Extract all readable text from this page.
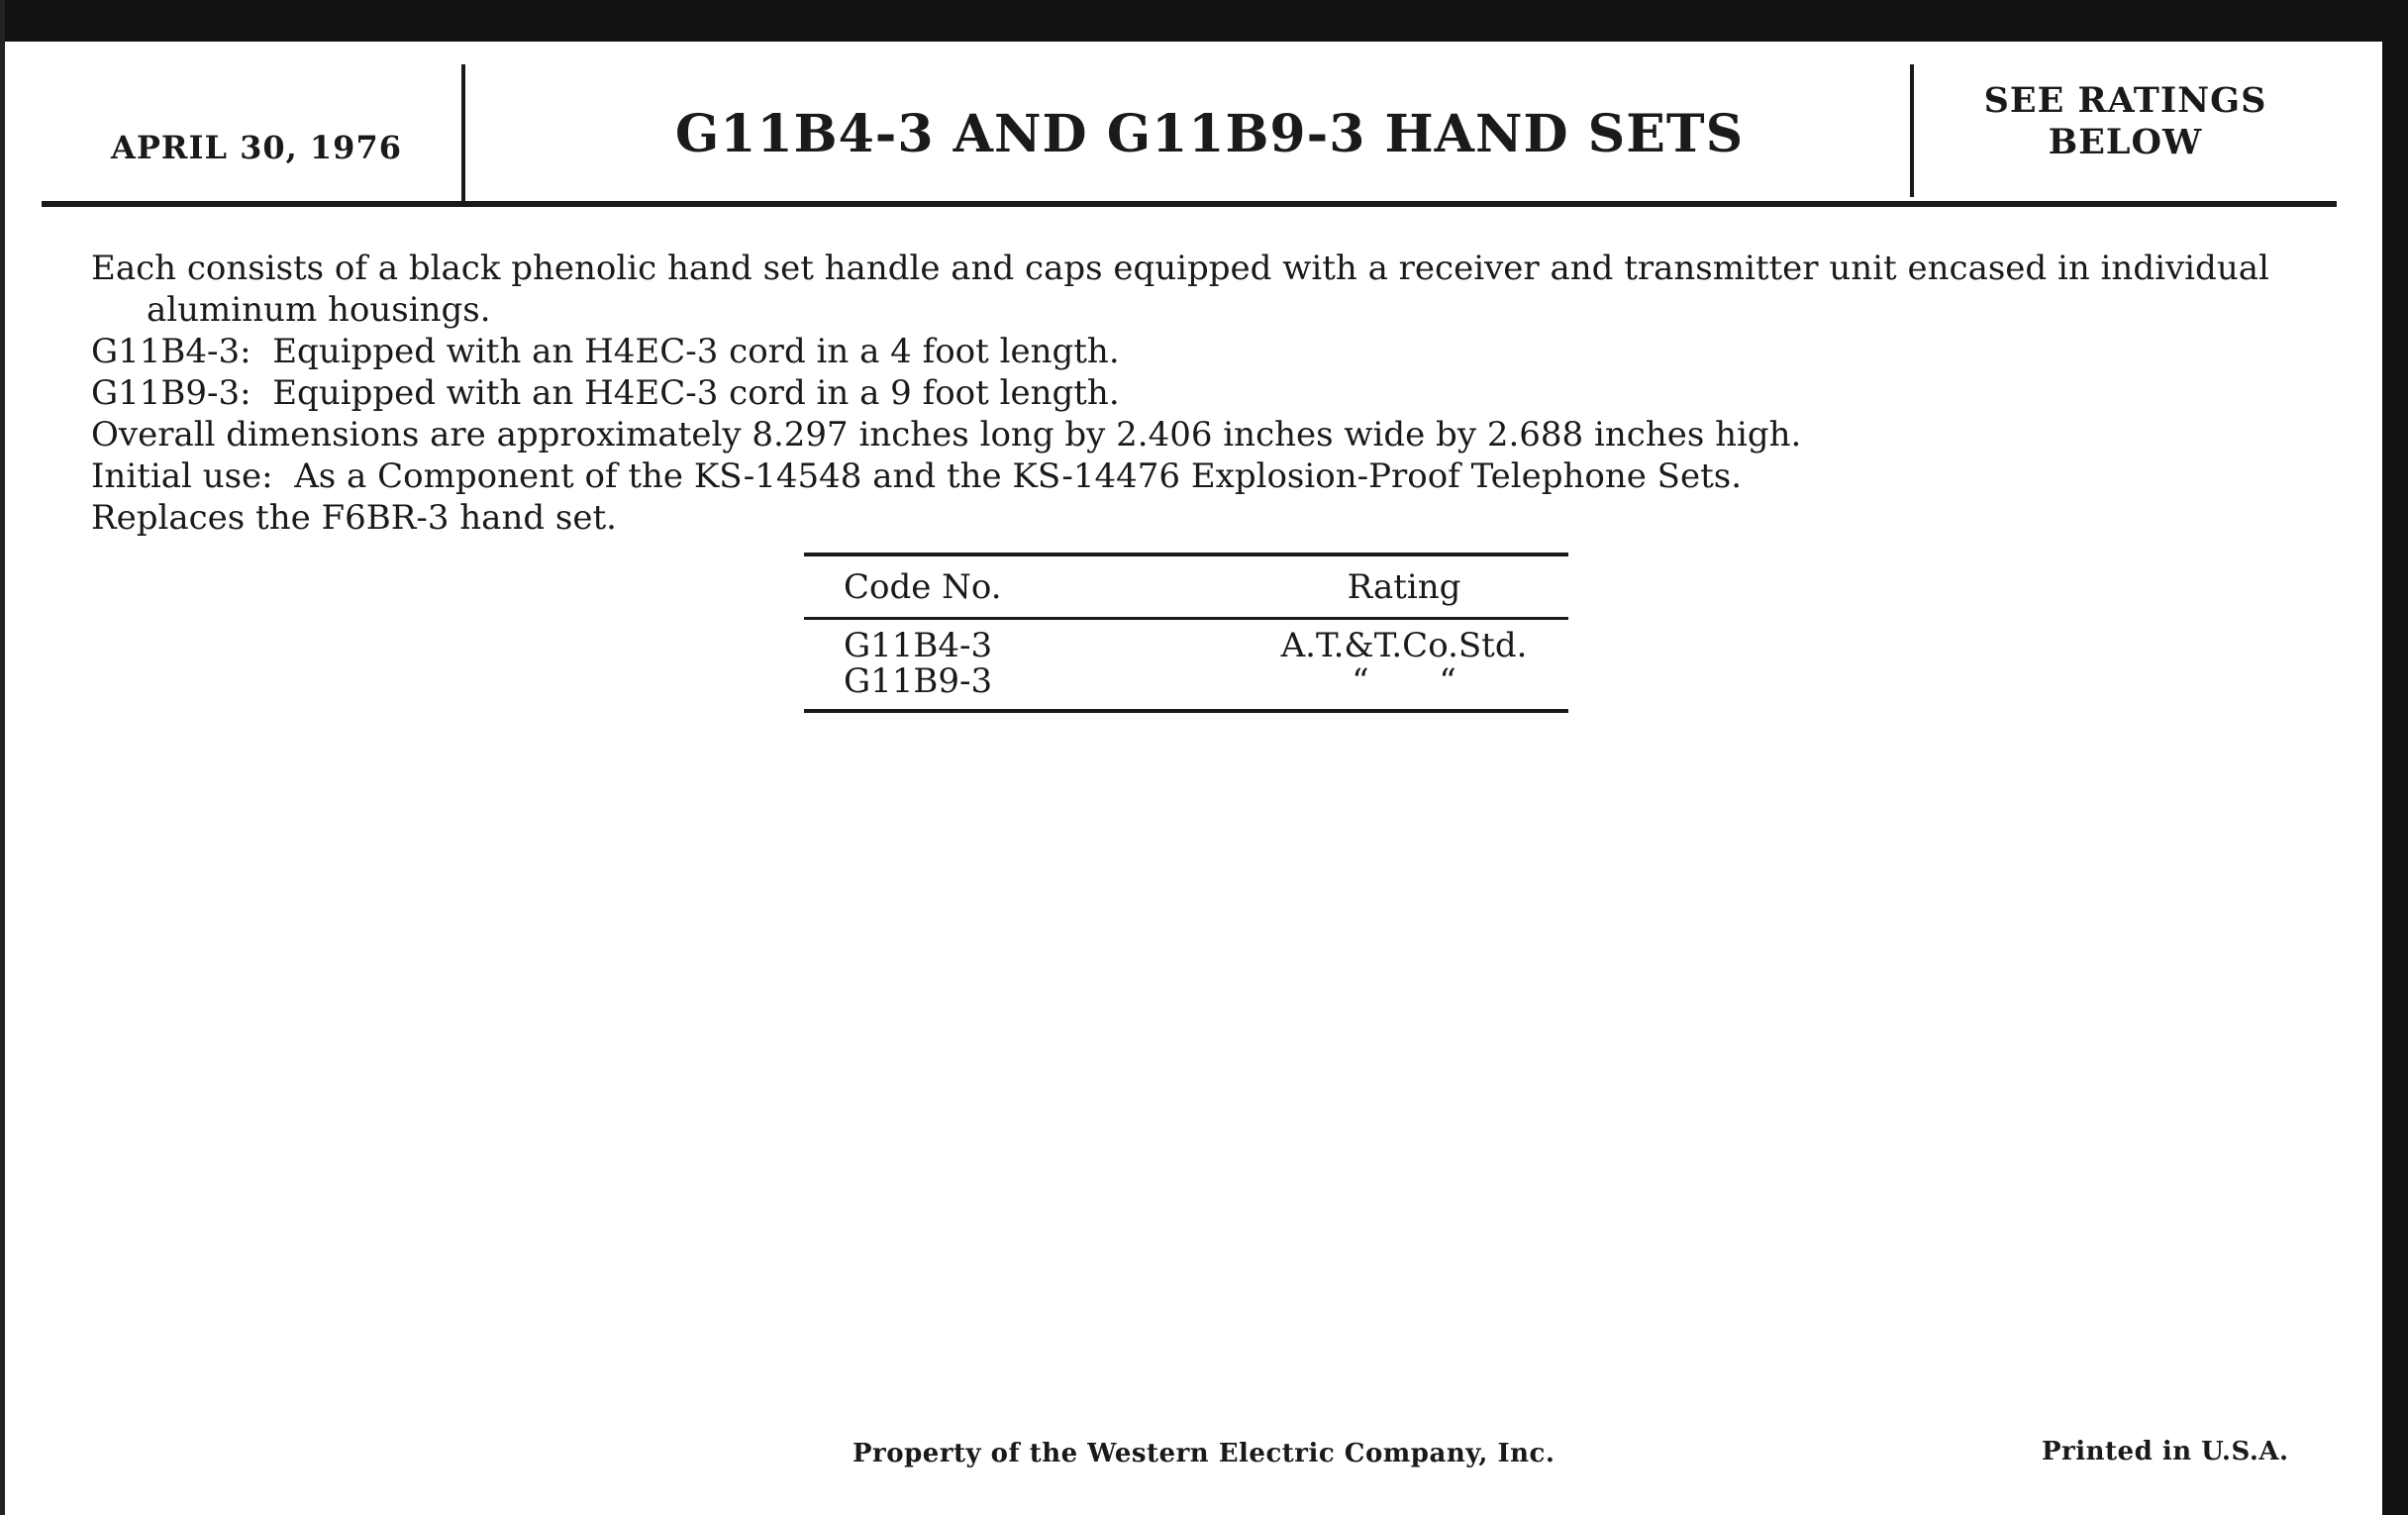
APRIL 30, 1976	G11B4-3 AND G11B9-3 HAND SETS
SEE RATINGS
BELOW

Each consists of a black phenolic hand set handle and caps equipped with a receiver and transmitter unit encased in individual

aluminum housings.

G11B4-3:  Equipped with an H4EC-3 cord in a 4 foot length.

G11B9-3:  Equipped with an H4EC-3 cord in a 9 foot length.

Overall dimensions are approximately 8.297 inches long by 2.406 inches wide by 2.688 inches high.

Initial use:  As a Component of the KS-14548 and the KS-14476 Explosion-Proof Telephone Sets.

Replaces the F6BR-3 hand set.

Code No.	Rating
G11B4-3	A.T.&T.Co.Std.
G11B9-3	“ “
Property of the Western Electric Company, Inc.	Printed in U.S.A.
